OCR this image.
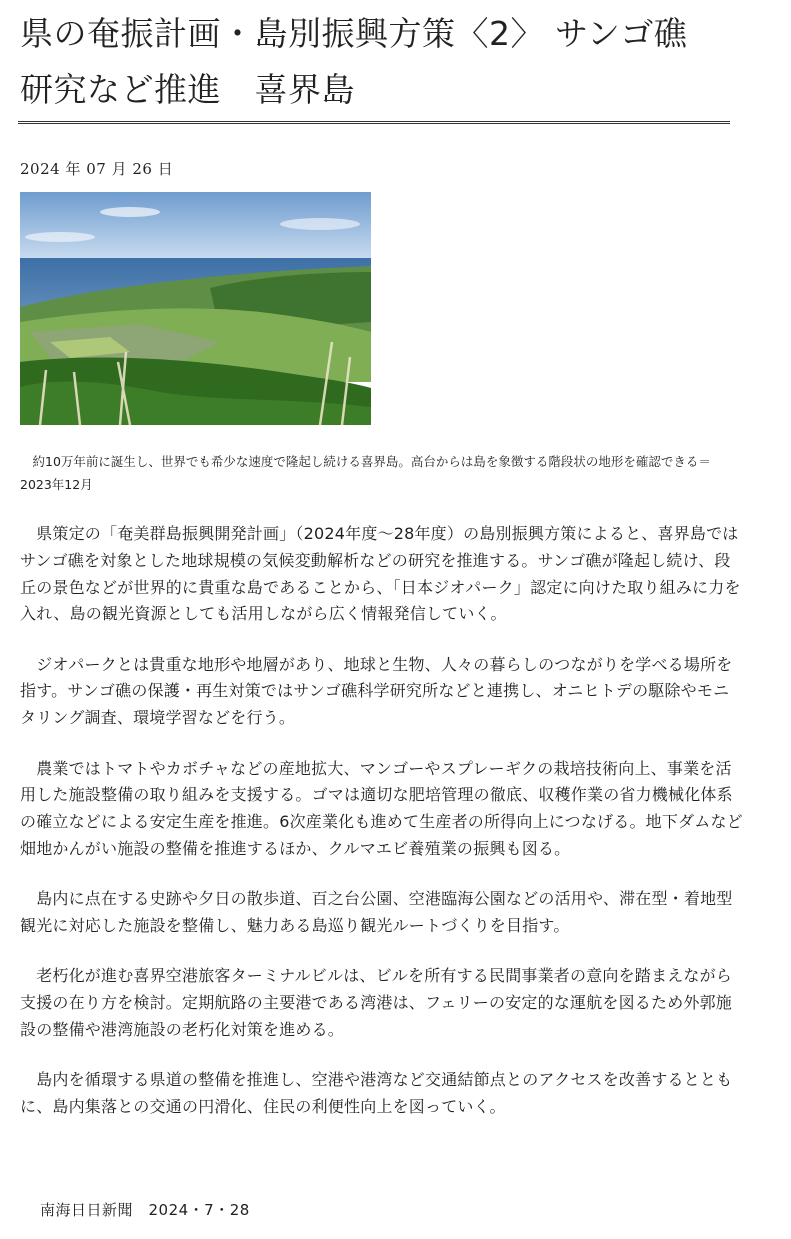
県の奄振計画・島別振興方策〈2〉 サンゴ礁
研究など推進　喜界島
2024 年 07 月 26 日
　約10万年前に誕生し、世界でも希少な速度で隆起し続ける喜界島。高台からは島を象徴する階段状の地形を確認できる＝2023年12月

　県策定の「奄美群島振興開発計画」（2024年度〜28年度）の島別振興方策によると、喜界島ではサンゴ礁を対象とした地球規模の気候変動解析などの研究を推進する。サンゴ礁が隆起し続け、段丘の景色などが世界的に貴重な島であることから、「日本ジオパーク」認定に向けた取り組みに力を入れ、島の観光資源としても活用しながら広く情報発信していく。

　ジオパークとは貴重な地形や地層があり、地球と生物、人々の暮らしのつながりを学べる場所を指す。サンゴ礁の保護・再生対策ではサンゴ礁科学研究所などと連携し、オニヒトデの駆除やモニタリング調査、環境学習などを行う。

　農業ではトマトやカボチャなどの産地拡大、マンゴーやスプレーギクの栽培技術向上、事業を活用した施設整備の取り組みを支援する。ゴマは適切な肥培管理の徹底、収穫作業の省力機械化体系の確立などによる安定生産を推進。6次産業化も進めて生産者の所得向上につなげる。地下ダムなど畑地かんがい施設の整備を推進するほか、クルマエビ養殖業の振興も図る。

　島内に点在する史跡や夕日の散歩道、百之台公園、空港臨海公園などの活用や、滞在型・着地型観光に対応した施設を整備し、魅力ある島巡り観光ルートづくりを目指す。

　老朽化が進む喜界空港旅客ターミナルビルは、ビルを所有する民間事業者の意向を踏まえながら支援の在り方を検討。定期航路の主要港である湾港は、フェリーの安定的な運航を図るため外郭施設の整備や港湾施設の老朽化対策を進める。

　島内を循環する県道の整備を推進し、空港や港湾など交通結節点とのアクセスを改善するとともに、島内集落との交通の円滑化、住民の利便性向上を図っていく。

南海日日新聞　2024・7・28
